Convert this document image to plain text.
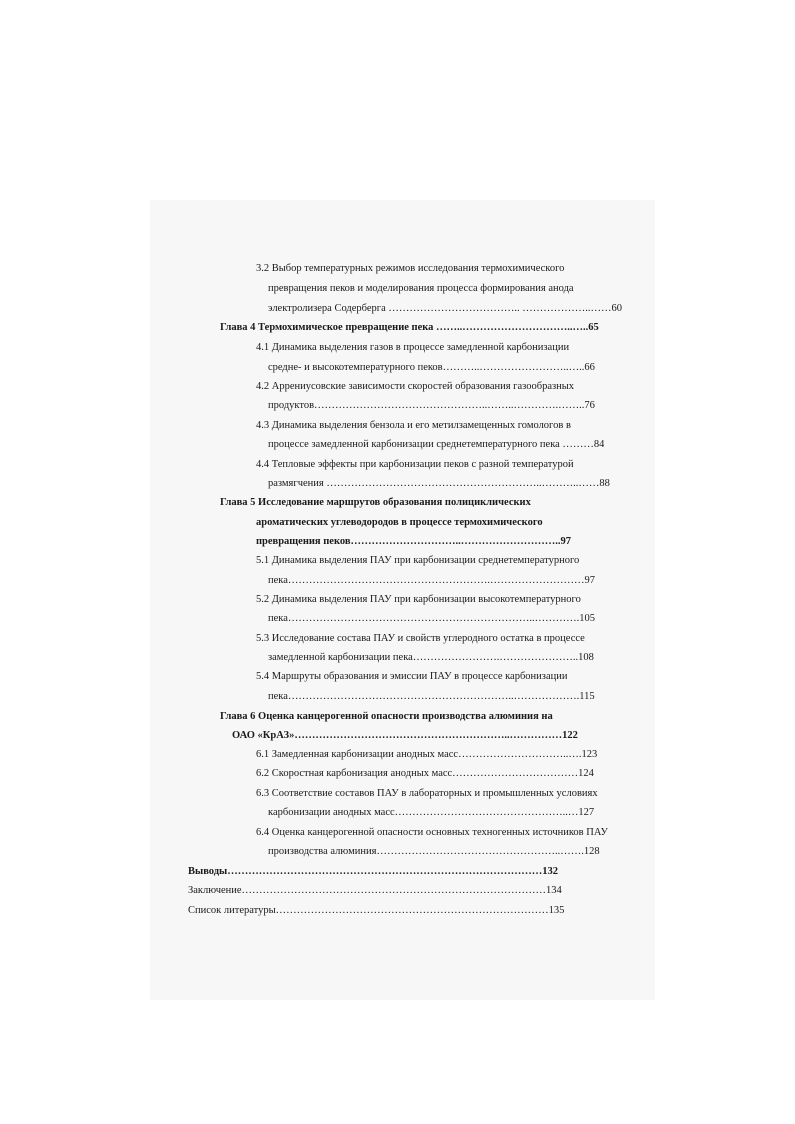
3.2 Выбор температурных режимов исследования термохимического
превращения пеков и моделирования процесса формирования анода
электролизера Содерберга ……………………………….. ………………..……60
Глава 4 Термохимическое превращение пека ……..…………………………..…..65
4.1 Динамика выделения газов в процессе замедленной карбонизации
средне- и высокотемпературного пеков………..……………………..…..66
4.2 Аррениусовские зависимости скоростей образования газообразных
продуктов…………………………………………..……..………….……..76
4.3 Динамика выделения бензола и его метилзамещенных гомологов в
процессе замедленной карбонизации среднетемпературного пека ………84
4.4 Тепловые эффекты при карбонизации пеков с разной температурой
размягчения ……………………………………………………..………..……88
Глава 5 Исследование маршрутов образования полициклических
ароматических углеводородов в процессе термохимического
превращения пеков…………………………..………………………..97
5.1 Динамика выделения ПАУ при карбонизации среднетемпературного
пека………………………………………………….………………………97
5.2 Динамика выделения ПАУ при карбонизации высокотемпературного
пека……………………………………………………………..………….105
5.3 Исследование состава ПАУ и свойств углеродного остатка в процессе
замедленной карбонизации пека…………………….…………………..108
5.4 Маршруты образования и эмиссии ПАУ в процессе карбонизации
пека………………………………………………………..……………….115
Глава 6 Оценка канцерогенной опасности производства алюминия на
ОАО «КрАЗ»……………………………………………………..……………122
6.1 Замедленная карбонизации анодных масс…………………………..….123
6.2 Скоростная карбонизация анодных масс………………………………124
6.3 Соответствие составов ПАУ в лабораторных и промышленных условиях
карбонизации анодных масс…………………………………………..…127
6.4 Оценка канцерогенной опасности основных техногенных источников ПАУ
производства алюминия……………………………………………..…….128
Выводы………………………………………………………………………………132
Заключение……………………………………………………………………………134
Список литературы……………………………………………………………………135
